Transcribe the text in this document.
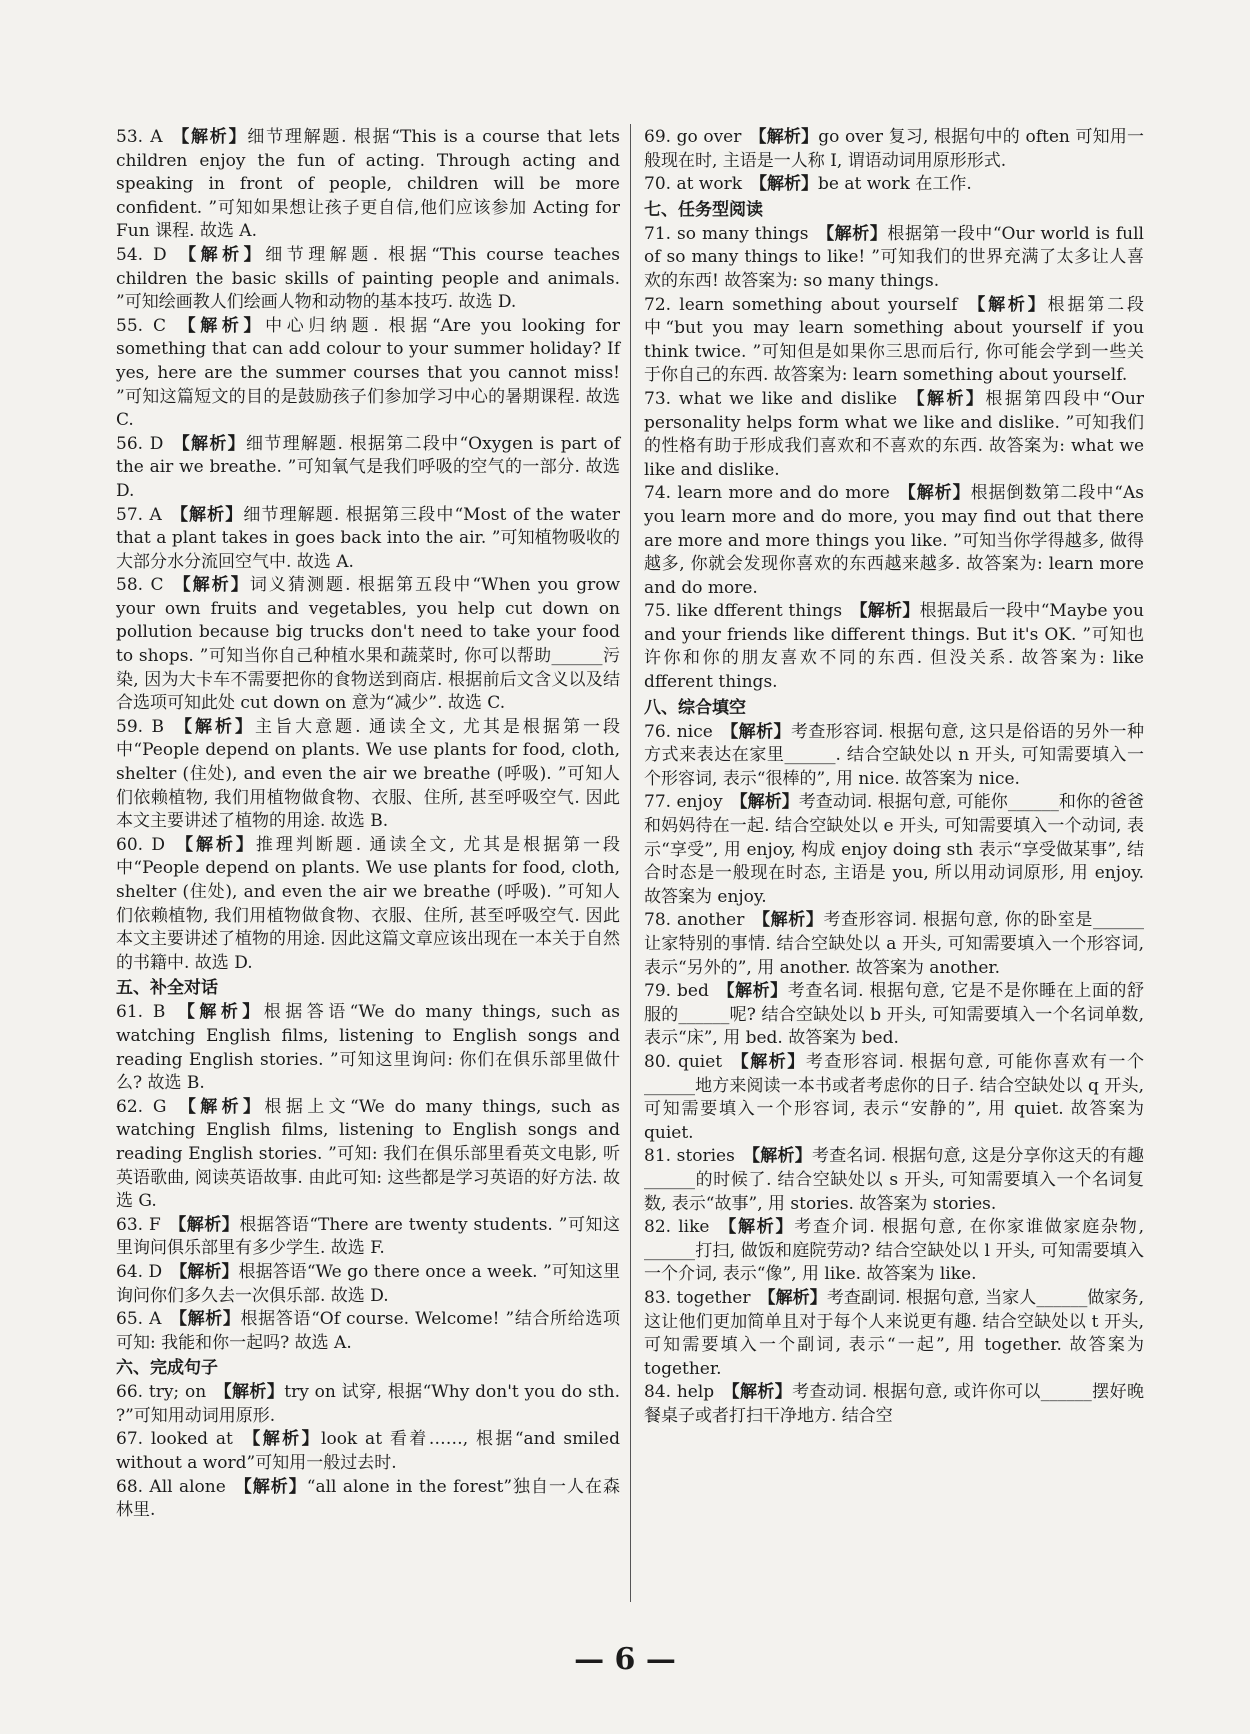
53. A 【解析】细节理解题. 根据“This is a course that lets children enjoy the fun of acting. Through acting and speaking in front of people, children will be more confident. ”可知如果想让孩子更自信,他们应该参加 Acting for Fun 课程. 故选 A.
54. D 【解析】细节理解题. 根据“This course teaches children the basic skills of painting people and animals. ”可知绘画教人们绘画人物和动物的基本技巧. 故选 D.
55. C 【解析】中心归纳题. 根据“Are you looking for something that can add colour to your summer holiday? If yes, here are the summer courses that you cannot miss! ”可知这篇短文的目的是鼓励孩子们参加学习中心的暑期课程. 故选 C.
56. D 【解析】细节理解题. 根据第二段中“Oxygen is part of the air we breathe. ”可知氧气是我们呼吸的空气的一部分. 故选 D.
57. A 【解析】细节理解题. 根据第三段中“Most of the water that a plant takes in goes back into the air. ”可知植物吸收的大部分水分流回空气中. 故选 A.
58. C 【解析】词义猜测题. 根据第五段中“When you grow your own fruits and vegetables, you help cut down on pollution because big trucks don't need to take your food to shops. ”可知当你自己种植水果和蔬菜时, 你可以帮助______污染, 因为大卡车不需要把你的食物送到商店. 根据前后文含义以及结合选项可知此处 cut down on 意为“减少”. 故选 C.
59. B 【解析】主旨大意题. 通读全文, 尤其是根据第一段中“People depend on plants. We use plants for food, cloth, shelter (住处), and even the air we breathe (呼吸). ”可知人们依赖植物, 我们用植物做食物、衣服、住所, 甚至呼吸空气. 因此本文主要讲述了植物的用途. 故选 B.
60. D 【解析】推理判断题. 通读全文, 尤其是根据第一段中“People depend on plants. We use plants for food, cloth, shelter (住处), and even the air we breathe (呼吸). ”可知人们依赖植物, 我们用植物做食物、衣服、住所, 甚至呼吸空气. 因此本文主要讲述了植物的用途. 因此这篇文章应该出现在一本关于自然的书籍中. 故选 D.
五、补全对话
61. B 【解析】根据答语“We do many things, such as watching English films, listening to English songs and reading English stories. ”可知这里询问: 你们在俱乐部里做什么? 故选 B.
62. G 【解析】根据上文“We do many things, such as watching English films, listening to English songs and reading English stories. ”可知: 我们在俱乐部里看英文电影, 听英语歌曲, 阅读英语故事. 由此可知: 这些都是学习英语的好方法. 故选 G.
63. F 【解析】根据答语“There are twenty students. ”可知这里询问俱乐部里有多少学生. 故选 F.
64. D 【解析】根据答语“We go there once a week. ”可知这里询问你们多久去一次俱乐部. 故选 D.
65. A 【解析】根据答语“Of course. Welcome! ”结合所给选项可知: 我能和你一起吗? 故选 A.
六、完成句子
66. try; on 【解析】try on 试穿, 根据“Why don't you do sth. ?”可知用动词用原形.
67. looked at 【解析】look at 看着……, 根据“and smiled without a word”可知用一般过去时.
68. All alone 【解析】“all alone in the forest”独自一人在森林里.
69. go over 【解析】go over 复习, 根据句中的 often 可知用一般现在时, 主语是一人称 I, 谓语动词用原形形式.
70. at work 【解析】be at work 在工作.
七、任务型阅读
71. so many things 【解析】根据第一段中“Our world is full of so many things to like! ”可知我们的世界充满了太多让人喜欢的东西! 故答案为: so many things.
72. learn something about yourself 【解析】根据第二段中“but you may learn something about yourself if you think twice. ”可知但是如果你三思而后行, 你可能会学到一些关于你自己的东西. 故答案为: learn something about yourself.
73. what we like and dislike 【解析】根据第四段中“Our personality helps form what we like and dislike. ”可知我们的性格有助于形成我们喜欢和不喜欢的东西. 故答案为: what we like and dislike.
74. learn more and do more 【解析】根据倒数第二段中“As you learn more and do more, you may find out that there are more and more things you like. ”可知当你学得越多, 做得越多, 你就会发现你喜欢的东西越来越多. 故答案为: learn more and do more.
75. like dfferent things 【解析】根据最后一段中“Maybe you and your friends like different things. But it's OK. ”可知也许你和你的朋友喜欢不同的东西. 但没关系. 故答案为: like dfferent things.
八、综合填空
76. nice 【解析】考查形容词. 根据句意, 这只是俗语的另外一种方式来表达在家里______. 结合空缺处以 n 开头, 可知需要填入一个形容词, 表示“很棒的”, 用 nice. 故答案为 nice.
77. enjoy 【解析】考查动词. 根据句意, 可能你______和你的爸爸和妈妈待在一起. 结合空缺处以 e 开头, 可知需要填入一个动词, 表示“享受”, 用 enjoy, 构成 enjoy doing sth 表示“享受做某事”, 结合时态是一般现在时态, 主语是 you, 所以用动词原形, 用 enjoy. 故答案为 enjoy.
78. another 【解析】考查形容词. 根据句意, 你的卧室是______让家特别的事情. 结合空缺处以 a 开头, 可知需要填入一个形容词, 表示“另外的”, 用 another. 故答案为 another.
79. bed 【解析】考查名词. 根据句意, 它是不是你睡在上面的舒服的______呢? 结合空缺处以 b 开头, 可知需要填入一个名词单数, 表示“床”, 用 bed. 故答案为 bed.
80. quiet 【解析】考查形容词. 根据句意, 可能你喜欢有一个______地方来阅读一本书或者考虑你的日子. 结合空缺处以 q 开头, 可知需要填入一个形容词, 表示“安静的”, 用 quiet. 故答案为 quiet.
81. stories 【解析】考查名词. 根据句意, 这是分享你这天的有趣______的时候了. 结合空缺处以 s 开头, 可知需要填入一个名词复数, 表示“故事”, 用 stories. 故答案为 stories.
82. like 【解析】考查介词. 根据句意, 在你家谁做家庭杂物, ______打扫, 做饭和庭院劳动? 结合空缺处以 l 开头, 可知需要填入一个介词, 表示“像”, 用 like. 故答案为 like.
83. together 【解析】考查副词. 根据句意, 当家人______做家务, 这让他们更加简单且对于每个人来说更有趣. 结合空缺处以 t 开头, 可知需要填入一个副词, 表示“一起”, 用 together. 故答案为 together.
84. help 【解析】考查动词. 根据句意, 或许你可以______摆好晚餐桌子或者打扫干净地方. 结合空
— 6 —
